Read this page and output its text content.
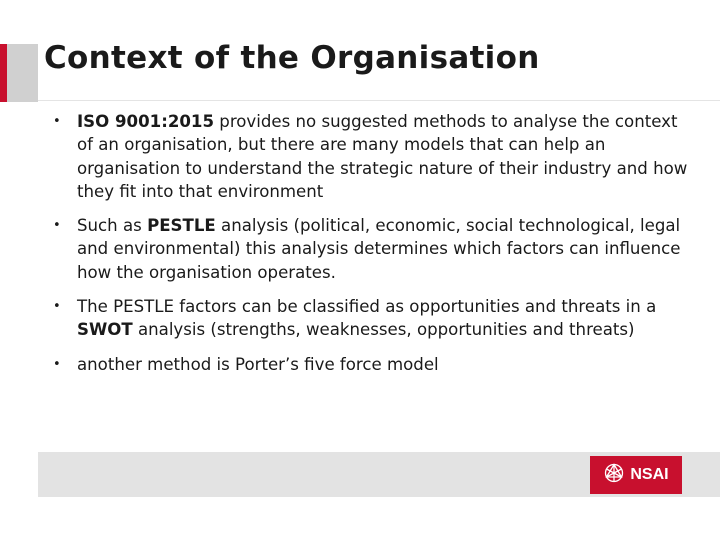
Context of the Organisation
• ISO 9001:2015 provides no suggested methods to analyse the context of an organisation, but there are many models that can help an organisation to understand the strategic nature of their industry and how they fit into that environment
• Such as PESTLE analysis (political, economic, social technological, legal and environmental) this analysis determines which factors can influence how the organisation operates.
• The PESTLE factors can be classified as opportunities and threats in a SWOT analysis (strengths, weaknesses, opportunities and threats)
• another method is Porter’s five force model
NSAI
